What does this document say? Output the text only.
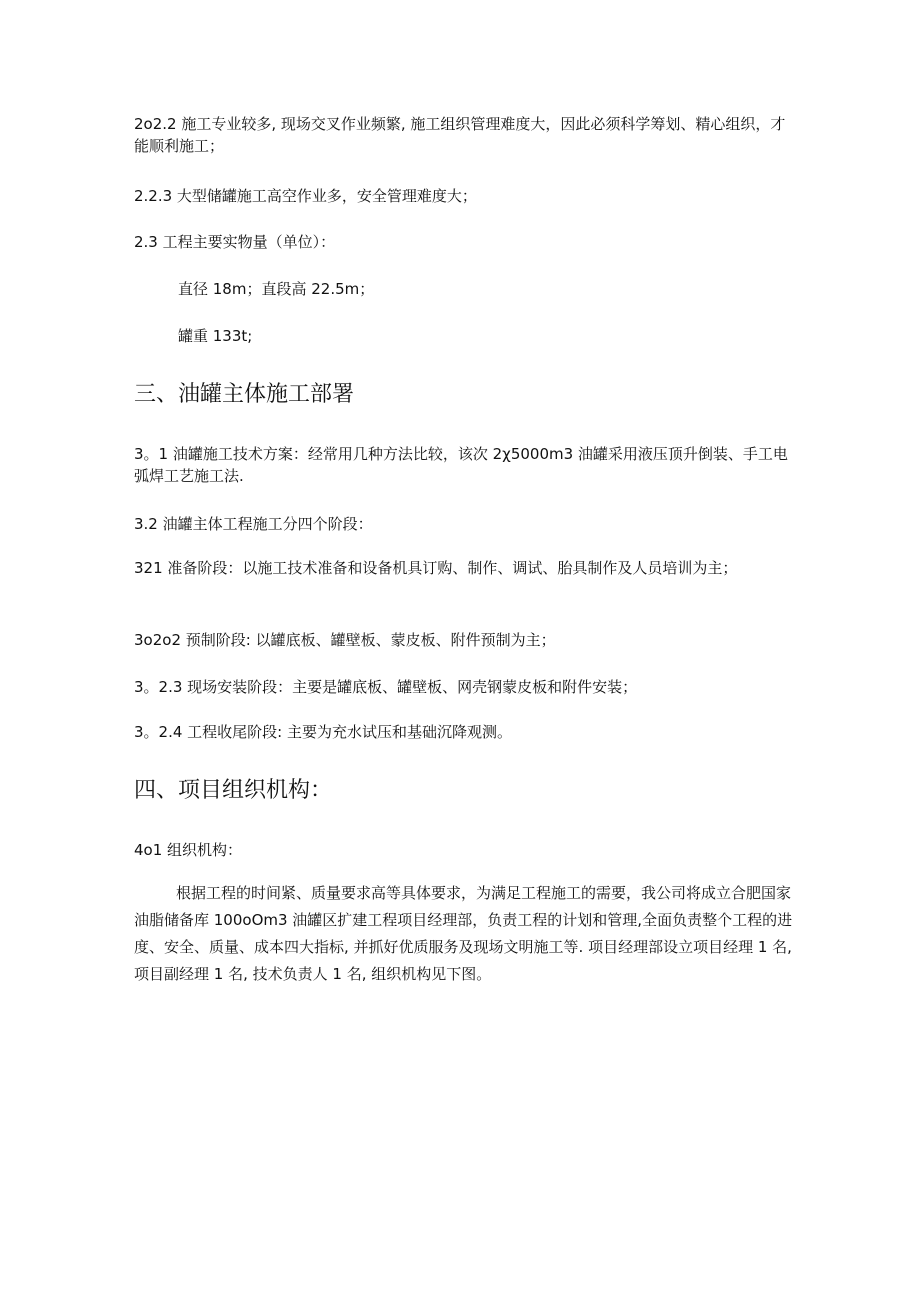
2o2.2 施工专业较多, 现场交叉作业频繁, 施工组织管理难度大，因此必须科学筹划、精心组织，才能顺利施工；

2.2.3 大型储罐施工高空作业多，安全管理难度大；

2.3 工程主要实物量（单位）：

直径 18m；直段高 22.5m；

罐重 133t;

三、油罐主体施工部署

3。1 油罐施工技术方案：经常用几种方法比较，该次 2χ5000m3 油罐采用液压顶升倒装、手工电弧焊工艺施工法.

3.2 油罐主体工程施工分四个阶段：

321 准备阶段：以施工技术准备和设备机具订购、制作、调试、胎具制作及人员培训为主；

3o2o2 预制阶段: 以罐底板、罐壁板、蒙皮板、附件预制为主；

3。2.3 现场安装阶段：主要是罐底板、罐壁板、网壳钢蒙皮板和附件安装；

3。2.4 工程收尾阶段: 主要为充水试压和基础沉降观测。

四、项目组织机构：

4o1 组织机构：

根据工程的时间紧、质量要求高等具体要求，为满足工程施工的需要，我公司将成立合肥国家油脂储备库 100oOm3 油罐区扩建工程项目经理部，负责工程的计划和管理,全面负责整个工程的进度、安全、质量、成本四大指标, 并抓好优质服务及现场文明施工等. 项目经理部设立项目经理 1 名, 项目副经理 1 名, 技术负责人 1 名, 组织机构见下图。
